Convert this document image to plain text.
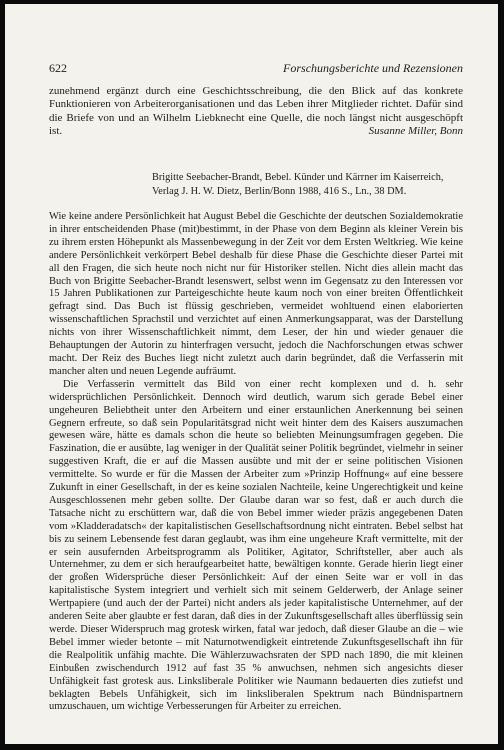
622	Forschungsberichte und Rezensionen
zunehmend ergänzt durch eine Geschichtsschreibung, die den Blick auf das konkrete Funktionieren von Arbeiterorganisationen und das Leben ihrer Mitglieder richtet. Dafür sind die Briefe von und an Wilhelm Liebknecht eine Quelle, die noch längst nicht ausgeschöpft ist.	Susanne Miller, Bonn
Brigitte Seebacher-Brandt, Bebel. Künder und Kärrner im Kaiserreich, Verlag J. H. W. Dietz, Berlin/Bonn 1988, 416 S., Ln., 38 DM.

Wie keine andere Persönlichkeit hat August Bebel die Geschichte der deutschen Sozialdemokratie in ihrer entscheidenden Phase (mit)bestimmt, in der Phase von dem Beginn als kleiner Verein bis zu ihrem ersten Höhepunkt als Massenbewegung in der Zeit vor dem Ersten Weltkrieg. Wie keine andere Persönlichkeit verkörpert Bebel deshalb für diese Phase die Geschichte dieser Partei mit all den Fragen, die sich heute noch nicht nur für Historiker stellen. Nicht dies allein macht das Buch von Brigitte Seebacher-Brandt lesenswert, selbst wenn im Gegensatz zu den Interessen vor 15 Jahren Publikationen zur Parteigeschichte heute kaum noch von einer breiten Öffentlichkeit gefragt sind. Das Buch ist flüssig geschrieben, vermeidet wohltuend einen elaborierten wissenschaftlichen Sprachstil und verzichtet auf einen Anmerkungsapparat, was der Darstellung nichts von ihrer Wissenschaftlichkeit nimmt, dem Leser, der hin und wieder genauer die Behauptungen der Autorin zu hinterfragen versucht, jedoch die Nachforschungen etwas schwer macht. Der Reiz des Buches liegt nicht zuletzt auch darin begründet, daß die Verfasserin mit mancher alten und neuen Legende aufräumt.

Die Verfasserin vermittelt das Bild von einer recht komplexen und d. h. sehr widersprüchlichen Persönlichkeit. Dennoch wird deutlich, warum sich gerade Bebel einer ungeheuren Beliebtheit unter den Arbeitern und einer erstaunlichen Anerkennung bei seinen Gegnern erfreute, so daß sein Popularitätsgrad nicht weit hinter dem des Kaisers auszumachen gewesen wäre, hätte es damals schon die heute so beliebten Meinungsumfragen gegeben. Die Faszination, die er ausübte, lag weniger in der Qualität seiner Politik begründet, vielmehr in seiner suggestiven Kraft, die er auf die Massen ausübte und mit der er seine politischen Visionen vermittelte. So wurde er für die Massen der Arbeiter zum »Prinzip Hoffnung« auf eine bessere Zukunft in einer Gesellschaft, in der es keine sozialen Nachteile, keine Ungerechtigkeit und keine Ausgeschlossenen mehr geben sollte. Der Glaube daran war so fest, daß er auch durch die Tatsache nicht zu erschüttern war, daß die von Bebel immer wieder präzis angegebenen Daten vom »Kladderadatsch« der kapitalistischen Gesellschaftsordnung nicht eintraten. Bebel selbst hat bis zu seinem Lebensende fest daran geglaubt, was ihm eine ungeheure Kraft vermittelte, mit der er sein ausufernden Arbeitsprogramm als Politiker, Agitator, Schriftsteller, aber auch als Unternehmer, zu dem er sich heraufgearbeitet hatte, bewältigen konnte. Gerade hierin liegt einer der großen Widersprüche dieser Persönlichkeit: Auf der einen Seite war er voll in das kapitalistische System integriert und verhielt sich mit seinem Gelderwerb, der Anlage seiner Wertpapiere (und auch der der Partei) nicht anders als jeder kapitalistische Unternehmer, auf der anderen Seite aber glaubte er fest daran, daß dies in der Zukunftsgesellschaft alles überflüssig sein werde. Dieser Widerspruch mag grotesk wirken, fatal war jedoch, daß dieser Glaube an die – wie Bebel immer wieder betonte – mit Naturnotwendigkeit eintretende Zukunftsgesellschaft ihn für die Realpolitik unfähig machte. Die Wählerzuwachsraten der SPD nach 1890, die mit kleinen Einbußen zwischendurch 1912 auf fast 35 % anwuchsen, nehmen sich angesichts dieser Unfähigkeit fast grotesk aus. Linksliberale Politiker wie Naumann bedauerten dies zutiefst und beklagten Bebels Unfähigkeit, sich im linksliberalen Spektrum nach Bündnispartnern umzuschauen, um wichtige Verbesserungen für Arbeiter zu erreichen.
